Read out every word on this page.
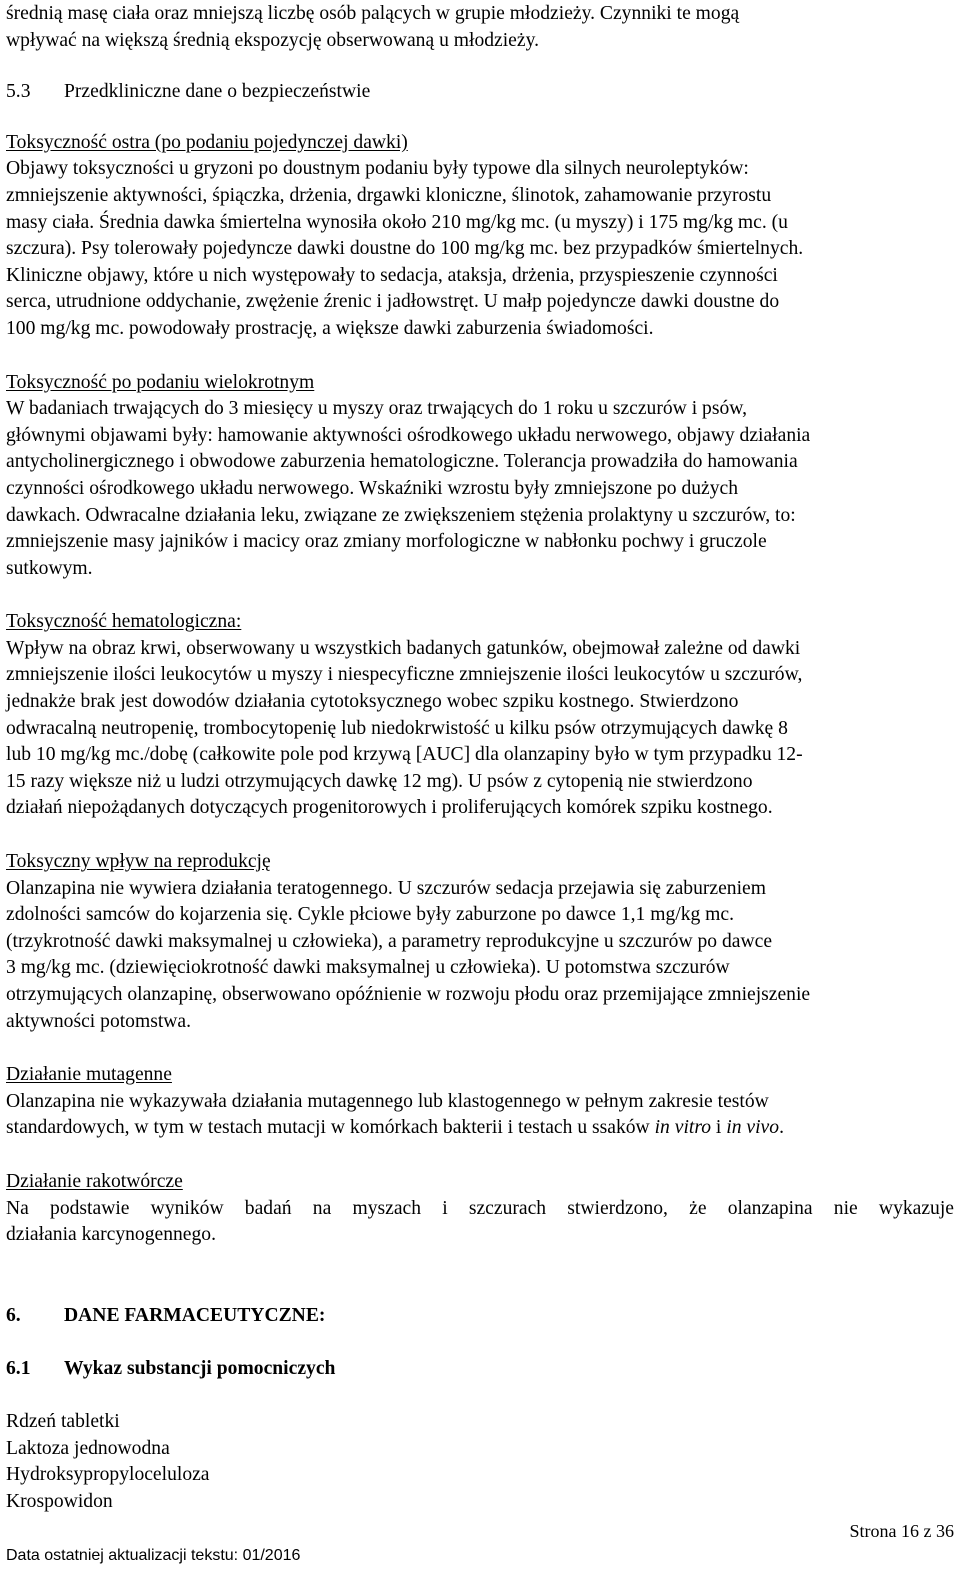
średnią masę ciała oraz mniejszą liczbę osób palących w grupie młodzieży. Czynniki te mogą

wpływać na większą średnią ekspozycję obserwowaną u młodzieży.

5.3	Przedkliniczne dane o bezpieczeństwie

Toksyczność ostra (po podaniu pojedynczej dawki)

Objawy toksyczności u gryzoni po doustnym podaniu były typowe dla silnych neuroleptyków:

zmniejszenie aktywności, śpiączka, drżenia, drgawki kloniczne, ślinotok, zahamowanie przyrostu

masy ciała. Średnia dawka śmiertelna wynosiła około 210 mg/kg mc. (u myszy) i 175 mg/kg mc. (u

szczura). Psy tolerowały pojedyncze dawki doustne do 100 mg/kg mc. bez przypadków śmiertelnych.

Kliniczne objawy, które u nich występowały to sedacja, ataksja, drżenia, przyspieszenie czynności

serca, utrudnione oddychanie, zwężenie źrenic i jadłowstręt. U małp pojedyncze dawki doustne do

100 mg/kg mc. powodowały prostrację, a większe dawki zaburzenia świadomości.

Toksyczność po podaniu wielokrotnym

W badaniach trwających do 3 miesięcy u myszy oraz trwających do 1 roku u szczurów i psów,

głównymi objawami były: hamowanie aktywności ośrodkowego układu nerwowego, objawy działania

antycholinergicznego i obwodowe zaburzenia hematologiczne. Tolerancja prowadziła do hamowania

czynności ośrodkowego układu nerwowego. Wskaźniki wzrostu były zmniejszone po dużych

dawkach. Odwracalne działania leku, związane ze zwiększeniem stężenia prolaktyny u szczurów, to:

zmniejszenie masy jajników i macicy oraz zmiany morfologiczne w nabłonku pochwy i gruczole

sutkowym.

Toksyczność hematologiczna:

Wpływ na obraz krwi, obserwowany u wszystkich badanych gatunków, obejmował zależne od dawki

zmniejszenie ilości leukocytów u myszy i niespecyficzne zmniejszenie ilości leukocytów u szczurów,

jednakże brak jest dowodów działania cytotoksycznego wobec szpiku kostnego. Stwierdzono

odwracalną neutropenię, trombocytopenię lub niedokrwistość u kilku psów otrzymujących dawkę 8

lub 10 mg/kg mc./dobę (całkowite pole pod krzywą [AUC] dla olanzapiny było w tym przypadku 12-

15 razy większe niż u ludzi otrzymujących dawkę 12 mg). U psów z cytopenią nie stwierdzono

działań niepożądanych dotyczących progenitorowych i proliferujących komórek szpiku kostnego.

Toksyczny wpływ na reprodukcję

Olanzapina nie wywiera działania teratogennego. U szczurów sedacja przejawia się zaburzeniem

zdolności samców do kojarzenia się. Cykle płciowe były zaburzone po dawce 1,1 mg/kg mc.

(trzykrotność dawki maksymalnej u człowieka), a parametry reprodukcyjne u szczurów po dawce

3 mg/kg mc. (dziewięciokrotność dawki maksymalnej u człowieka). U potomstwa szczurów

otrzymujących olanzapinę, obserwowano opóźnienie w rozwoju płodu oraz przemijające zmniejszenie

aktywności potomstwa.

Działanie mutagenne

Olanzapina nie wykazywała działania mutagennego lub klastogennego w pełnym zakresie testów

standardowych, w tym w testach mutacji w komórkach bakterii i testach u ssaków in vitro i in vivo.

Działanie rakotwórcze

Na podstawie wyników badań na myszach i szczurach stwierdzono, że olanzapina nie wykazuje

działania karcynogennego.

6.	DANE FARMACEUTYCZNE:
6.1	Wykaz substancji pomocniczych

Rdzeń tabletki

Laktoza jednowodna

Hydroksypropyloceluloza

Krospowidon

Strona 16 z 36
Data ostatniej aktualizacji tekstu: 01/2016
